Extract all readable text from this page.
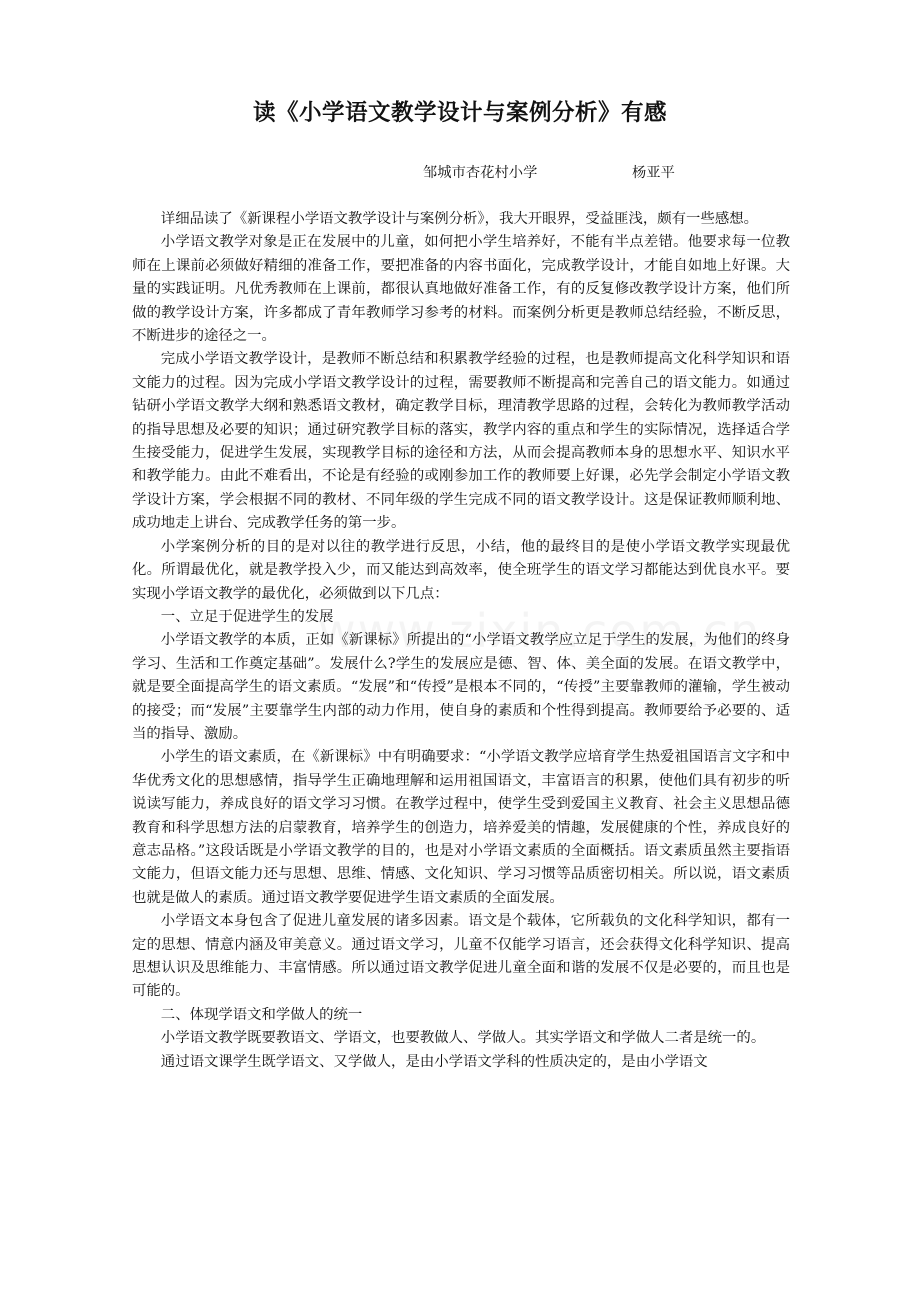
读《小学语文教学设计与案例分析》有感
邹城市杏花村小学	杨亚平

详细品读了《新课程小学语文教学设计与案例分析》，我大开眼界，受益匪浅，颇有一些感想。

小学语文教学对象是正在发展中的儿童，如何把小学生培养好，不能有半点差错。他要求每一位教师在上课前必须做好精细的准备工作，要把准备的内容书面化，完成教学设计，才能自如地上好课。大量的实践证明。凡优秀教师在上课前，都很认真地做好准备工作，有的反复修改教学设计方案，他们所做的教学设计方案，许多都成了青年教师学习参考的材料。而案例分析更是教师总结经验，不断反思，不断进步的途径之一。

完成小学语文教学设计，是教师不断总结和积累教学经验的过程，也是教师提高文化科学知识和语文能力的过程。因为完成小学语文教学设计的过程，需要教师不断提高和完善自己的语文能力。如通过钻研小学语文教学大纲和熟悉语文教材，确定教学目标，理清教学思路的过程，会转化为教师教学活动的指导思想及必要的知识；通过研究教学目标的落实，教学内容的重点和学生的实际情况，选择适合学生接受能力，促进学生发展，实现教学目标的途径和方法，从而会提高教师本身的思想水平、知识水平和教学能力。由此不难看出，不论是有经验的或刚参加工作的教师要上好课，必先学会制定小学语文教学设计方案，学会根据不同的教材、不同年级的学生完成不同的语文教学设计。这是保证教师顺利地、成功地走上讲台、完成教学任务的第一步。

小学案例分析的目的是对以往的教学进行反思，小结，他的最终目的是使小学语文教学实现最优化。所谓最优化，就是教学投入少，而又能达到高效率，使全班学生的语文学习都能达到优良水平。要实现小学语文教学的最优化，必须做到以下几点：

一、立足于促进学生的发展

小学语文教学的本质，正如《新课标》所提出的“小学语文教学应立足于学生的发展，为他们的终身学习、生活和工作奠定基础”。发展什么?学生的发展应是德、智、体、美全面的发展。在语文教学中，就是要全面提高学生的语文素质。“发展”和“传授”是根本不同的，“传授”主要靠教师的灌输，学生被动的接受；而“发展”主要靠学生内部的动力作用，使自身的素质和个性得到提高。教师要给予必要的、适当的指导、激励。

小学生的语文素质，在《新课标》中有明确要求：“小学语文教学应培育学生热爱祖国语言文字和中华优秀文化的思想感情，指导学生正确地理解和运用祖国语文，丰富语言的积累，使他们具有初步的听说读写能力，养成良好的语文学习习惯。在教学过程中，使学生受到爱国主义教育、社会主义思想品德教育和科学思想方法的启蒙教育，培养学生的创造力，培养爱美的情趣，发展健康的个性，养成良好的意志品格。”这段话既是小学语文教学的目的，也是对小学语文素质的全面概括。语文素质虽然主要指语文能力，但语文能力还与思想、思维、情感、文化知识、学习习惯等品质密切相关。所以说，语文素质也就是做人的素质。通过语文教学要促进学生语文素质的全面发展。

小学语文本身包含了促进儿童发展的诸多因素。语文是个载体，它所载负的文化科学知识，都有一定的思想、情意内涵及审美意义。通过语文学习，儿童不仅能学习语言，还会获得文化科学知识、提高思想认识及思维能力、丰富情感。所以通过语文教学促进儿童全面和谐的发展不仅是必要的，而且也是可能的。

二、体现学语文和学做人的统一

小学语文教学既要教语文、学语文，也要教做人、学做人。其实学语文和学做人二者是统一的。

通过语文课学生既学语文、又学做人，是由小学语文学科的性质决定的，是由小学语文
